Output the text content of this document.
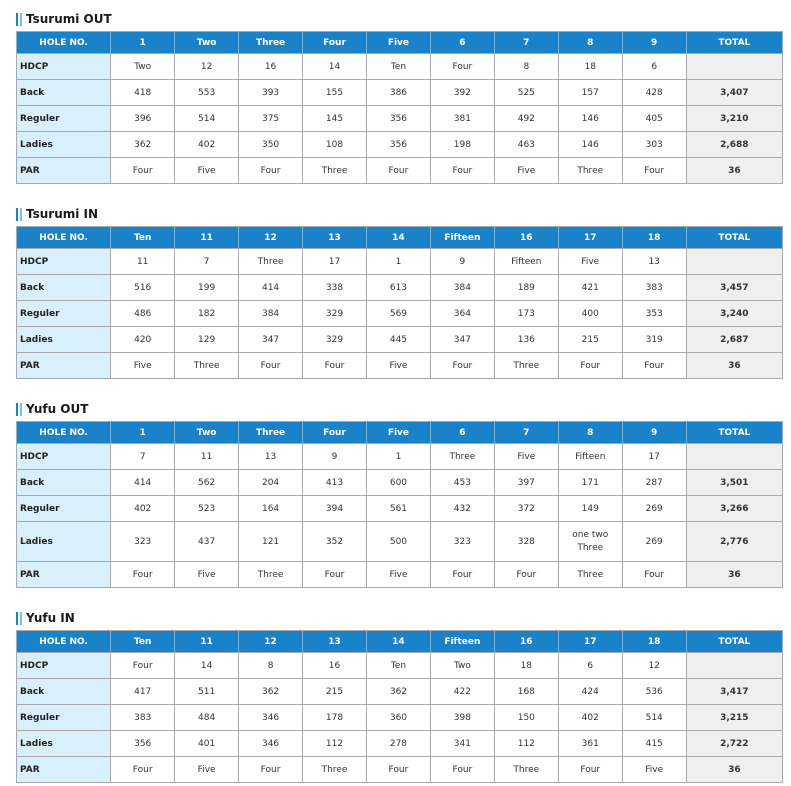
Tsurumi OUT
HOLE NO.	1	Two	Three	Four	Five	6	7	8	9	TOTAL
HDCP	Two	12	16	14	Ten	Four	8	18	6	
Back	418	553	393	155	386	392	525	157	428	3,407
Reguler	396	514	375	145	356	381	492	146	405	3,210
Ladies	362	402	350	108	356	198	463	146	303	2,688
PAR	Four	Five	Four	Three	Four	Four	Five	Three	Four	36
Tsurumi IN
HOLE NO.	Ten	11	12	13	14	Fifteen	16	17	18	TOTAL
HDCP	11	7	Three	17	1	9	Fifteen	Five	13	
Back	516	199	414	338	613	384	189	421	383	3,457
Reguler	486	182	384	329	569	364	173	400	353	3,240
Ladies	420	129	347	329	445	347	136	215	319	2,687
PAR	Five	Three	Four	Four	Five	Four	Three	Four	Four	36
Yufu OUT
HOLE NO.	1	Two	Three	Four	Five	6	7	8	9	TOTAL
HDCP	7	11	13	9	1	Three	Five	Fifteen	17	
Back	414	562	204	413	600	453	397	171	287	3,501
Reguler	402	523	164	394	561	432	372	149	269	3,266
Ladies	323	437	121	352	500	323	328	one two Three	269	2,776
PAR	Four	Five	Three	Four	Five	Four	Four	Three	Four	36
Yufu IN
HOLE NO.	Ten	11	12	13	14	Fifteen	16	17	18	TOTAL
HDCP	Four	14	8	16	Ten	Two	18	6	12	
Back	417	511	362	215	362	422	168	424	536	3,417
Reguler	383	484	346	178	360	398	150	402	514	3,215
Ladies	356	401	346	112	278	341	112	361	415	2,722
PAR	Four	Five	Four	Three	Four	Four	Three	Four	Five	36
